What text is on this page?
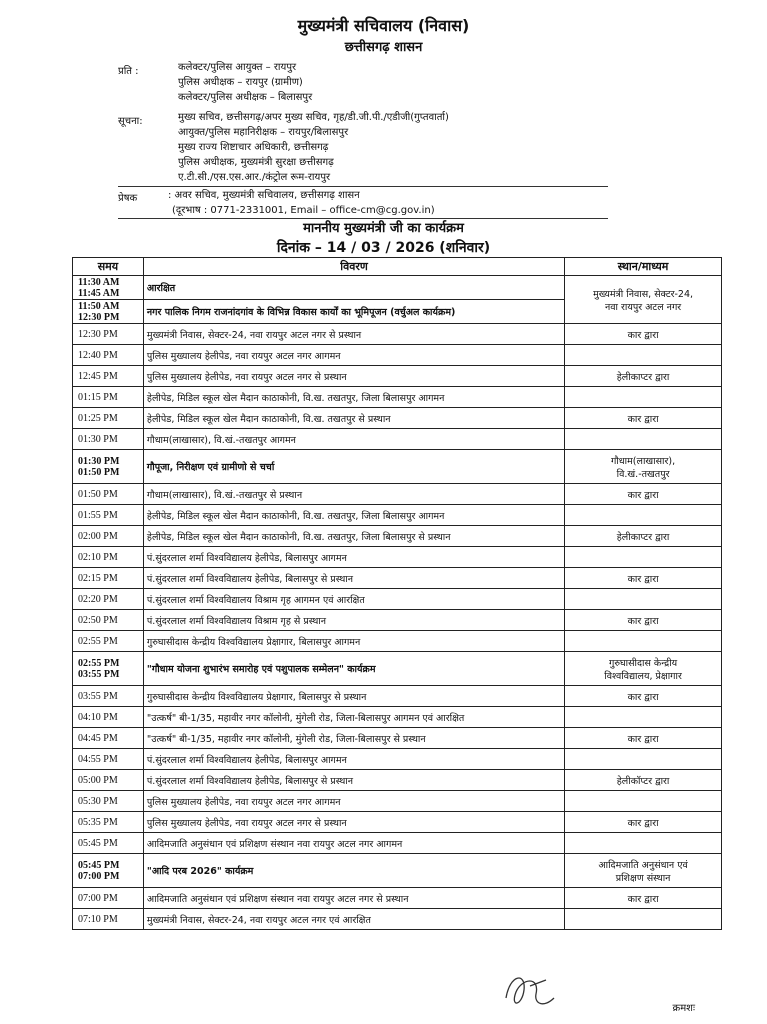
मुख्यमंत्री सचिवालय (निवास)
छत्तीसगढ़ शासन
प्रति :	कलेक्टर/पुलिस आयुक्त – रायपुर
पुलिस अधीक्षक – रायपुर (ग्रामीण)
कलेक्टर/पुलिस अधीक्षक – बिलासपुर
सूचना:	मुख्य सचिव, छत्तीसगढ़/अपर मुख्य सचिव, गृह/डी.जी.पी./एडीजी(गुप्तवार्ता)
आयुक्त/पुलिस महानिरीक्षक – रायपुर/बिलासपुर
मुख्य राज्य शिष्टाचार अधिकारी, छत्तीसगढ़
पुलिस अधीक्षक, मुख्यमंत्री सुरक्षा छत्तीसगढ़
ए.टी.सी./एस.एस.आर./कंट्रोल रूम-रायपुर
प्रेषक	: अवर सचिव, मुख्यमंत्री सचिवालय, छत्तीसगढ़ शासन
(दूरभाष : 0771-2331001, Email – office-cm@cg.gov.in)
माननीय मुख्यमंत्री जी का कार्यक्रम
दिनांक – 14 / 03 / 2026 (शनिवार)
समय	विवरण	स्थान/माध्यम
11:30 AM
11:45 AM	आरक्षित	मुख्यमंत्री निवास, सेक्टर-24,
नवा रायपुर अटल नगर
11:50 AM
12:30 PM	नगर पालिक निगम राजनांदगांव के विभिन्न विकास कार्यों का भूमिपूजन (वर्चुअल कार्यक्रम)	
12:30 PM	मुख्यमंत्री निवास, सेक्टर-24, नवा रायपुर अटल नगर से प्रस्थान	कार द्वारा
12:40 PM	पुलिस मुख्यालय हेलीपेड, नवा रायपुर अटल नगर आगमन	
12:45 PM	पुलिस मुख्यालय हेलीपेड, नवा रायपुर अटल नगर से प्रस्थान	हेलीकाप्टर द्वारा
01:15 PM	हेलीपेड, मिडिल स्कूल खेल मैदान काठाकोनी, वि.ख. तखतपुर, जिला बिलासपुर आगमन	
01:25 PM	हेलीपेड, मिडिल स्कूल खेल मैदान काठाकोनी, वि.ख. तखतपुर से प्रस्थान	कार द्वारा
01:30 PM	गौधाम(लाखासार), वि.खं.-तखतपुर आगमन	
01:30 PM
01:50 PM	गौपूजा, निरीक्षण एवं ग्रामीणो से चर्चा	गौधाम(लाखासार),
वि.खं.-तखतपुर
01:50 PM	गौधाम(लाखासार), वि.खं.-तखतपुर से प्रस्थान	कार द्वारा
01:55 PM	हेलीपेड, मिडिल स्कूल खेल मैदान काठाकोनी, वि.ख. तखतपुर, जिला बिलासपुर आगमन	
02:00 PM	हेलीपेड, मिडिल स्कूल खेल मैदान काठाकोनी, वि.ख. तखतपुर, जिला बिलासपुर से प्रस्थान	हेलीकाप्टर द्वारा
02:10 PM	पं.सुंदरलाल शर्मा विश्वविद्यालय हेलीपेड, बिलासपुर आगमन	
02:15 PM	पं.सुंदरलाल शर्मा विश्वविद्यालय हेलीपेड, बिलासपुर से प्रस्थान	कार द्वारा
02:20 PM	पं.सुंदरलाल शर्मा विश्वविद्यालय विश्राम गृह आगमन एवं आरक्षित	
02:50 PM	पं.सुंदरलाल शर्मा विश्वविद्यालय विश्राम गृह से प्रस्थान	कार द्वारा
02:55 PM	गुरुघासीदास केन्द्रीय विश्वविद्यालय प्रेक्षागार, बिलासपुर आगमन	
02:55 PM
03:55 PM	"गौधाम योजना शुभारंभ समारोह एवं पशुपालक सम्मेलन" कार्यक्रम	गुरुघासीदास केन्द्रीय
विश्वविद्यालय, प्रेक्षागार
03:55 PM	गुरुघासीदास केन्द्रीय विश्वविद्यालय प्रेक्षागार, बिलासपुर से प्रस्थान	कार द्वारा
04:10 PM	"उत्कर्ष" बी-1/35, महावीर नगर कॉलोनी, मुंगेली रोड, जिला-बिलासपुर आगमन एवं आरक्षित	
04:45 PM	"उत्कर्ष" बी-1/35, महावीर नगर कॉलोनी, मुंगेली रोड, जिला-बिलासपुर से प्रस्थान	कार द्वारा
04:55 PM	पं.सुंदरलाल शर्मा विश्वविद्यालय हेलीपेड, बिलासपुर आगमन	
05:00 PM	पं.सुंदरलाल शर्मा विश्वविद्यालय हेलीपेड, बिलासपुर से प्रस्थान	हेलीकॉप्टर द्वारा
05:30 PM	पुलिस मुख्यालय हेलीपेड, नवा रायपुर अटल नगर आगमन	
05:35 PM	पुलिस मुख्यालय हेलीपेड, नवा रायपुर अटल नगर से प्रस्थान	कार द्वारा
05:45 PM	आदिमजाति अनुसंधान एवं प्रशिक्षण संस्थान नवा रायपुर अटल नगर आगमन	
05:45 PM
07:00 PM	"आदि परब 2026" कार्यक्रम	आदिमजाति अनुसंधान एवं
प्रशिक्षण संस्थान
07:00 PM	आदिमजाति अनुसंधान एवं प्रशिक्षण संस्थान नवा रायपुर अटल नगर से प्रस्थान	कार द्वारा
07:10 PM	मुख्यमंत्री निवास, सेक्टर-24, नवा रायपुर अटल नगर एवं आरक्षित	
क्रमशः
